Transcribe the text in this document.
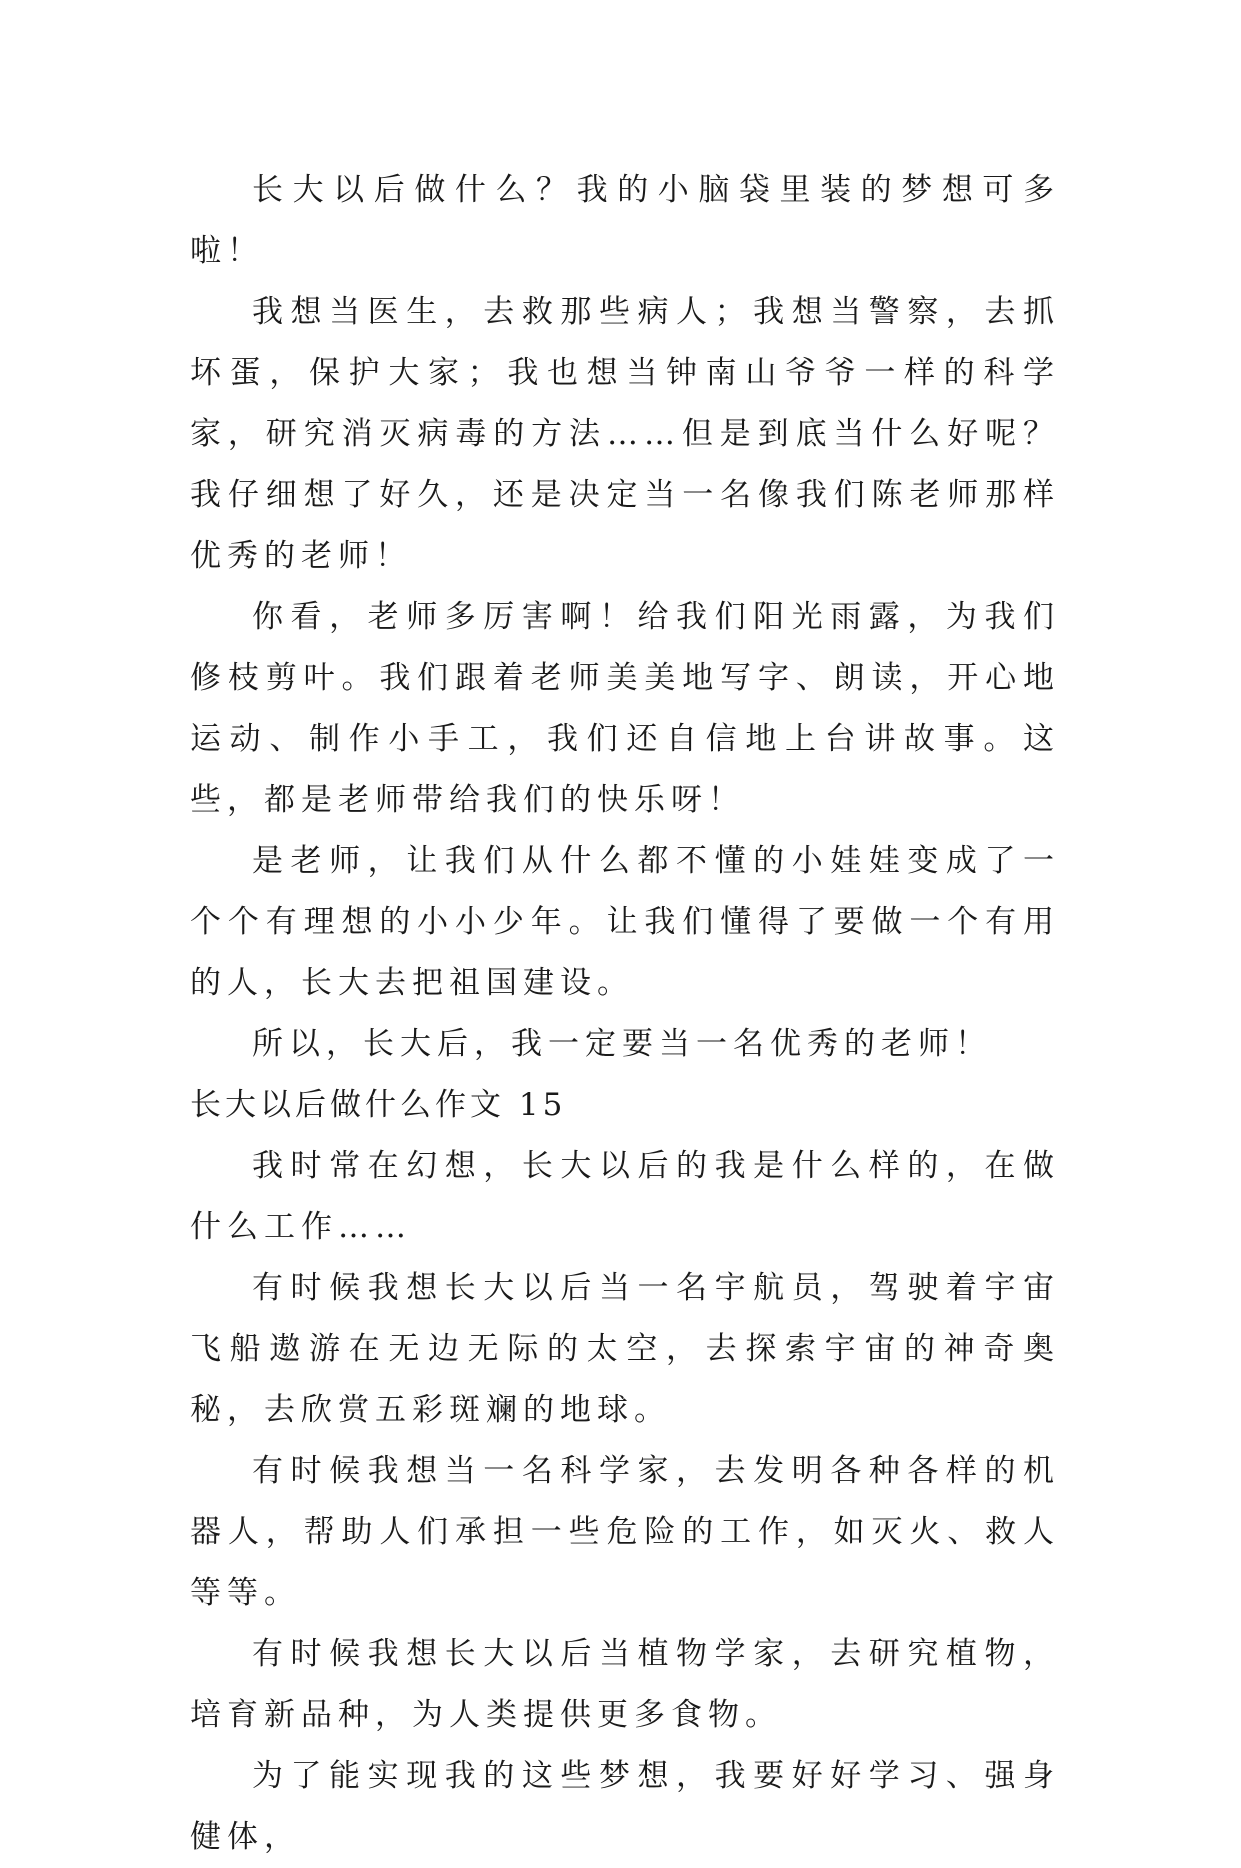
长大以后做什么？我的小脑袋里装的梦想可多啦！

我想当医生，去救那些病人；我想当警察，去抓坏蛋，保护大家；我也想当钟南山爷爷一样的科学家，研究消灭病毒的方法……但是到底当什么好呢？我仔细想了好久，还是决定当一名像我们陈老师那样优秀的老师！

你看，老师多厉害啊！给我们阳光雨露，为我们修枝剪叶。我们跟着老师美美地写字、朗读，开心地运动、制作小手工，我们还自信地上台讲故事。这些，都是老师带给我们的快乐呀！

是老师，让我们从什么都不懂的小娃娃变成了一个个有理想的小小少年。让我们懂得了要做一个有用的人，长大去把祖国建设。

所以，长大后，我一定要当一名优秀的老师！

长大以后做什么作文 15

我时常在幻想，长大以后的我是什么样的，在做什么工作……

有时候我想长大以后当一名宇航员，驾驶着宇宙飞船遨游在无边无际的太空，去探索宇宙的神奇奥秘，去欣赏五彩斑斓的地球。

有时候我想当一名科学家，去发明各种各样的机器人，帮助人们承担一些危险的工作，如灭火、救人等等。

有时候我想长大以后当植物学家，去研究植物，培育新品种，为人类提供更多食物。

为了能实现我的这些梦想，我要好好学习、强身健体，
